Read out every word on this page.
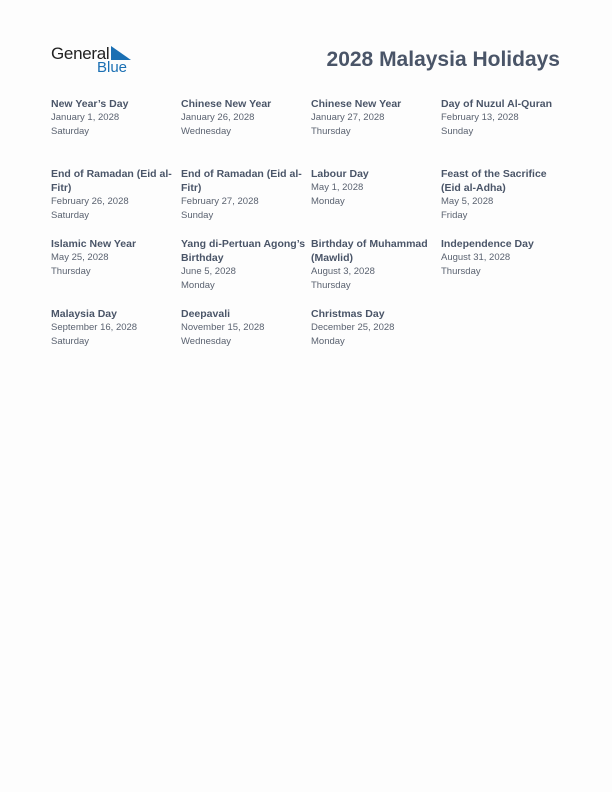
General
Blue	2028 Malaysia Holidays
New Year’s Day
January 1, 2028
Saturday
Chinese New Year
January 26, 2028
Wednesday
Chinese New Year
January 27, 2028
Thursday
Day of Nuzul Al-Quran
February 13, 2028
Sunday
End of Ramadan (Eid al-Fitr)
February 26, 2028
Saturday
End of Ramadan (Eid al-Fitr)
February 27, 2028
Sunday
Labour Day
May 1, 2028
Monday
Feast of the Sacrifice (Eid al-Adha)
May 5, 2028
Friday
Islamic New Year
May 25, 2028
Thursday
Yang di-Pertuan Agong’s Birthday
June 5, 2028
Monday
Birthday of Muhammad (Mawlid)
August 3, 2028
Thursday
Independence Day
August 31, 2028
Thursday
Malaysia Day
September 16, 2028
Saturday
Deepavali
November 15, 2028
Wednesday
Christmas Day
December 25, 2028
Monday
